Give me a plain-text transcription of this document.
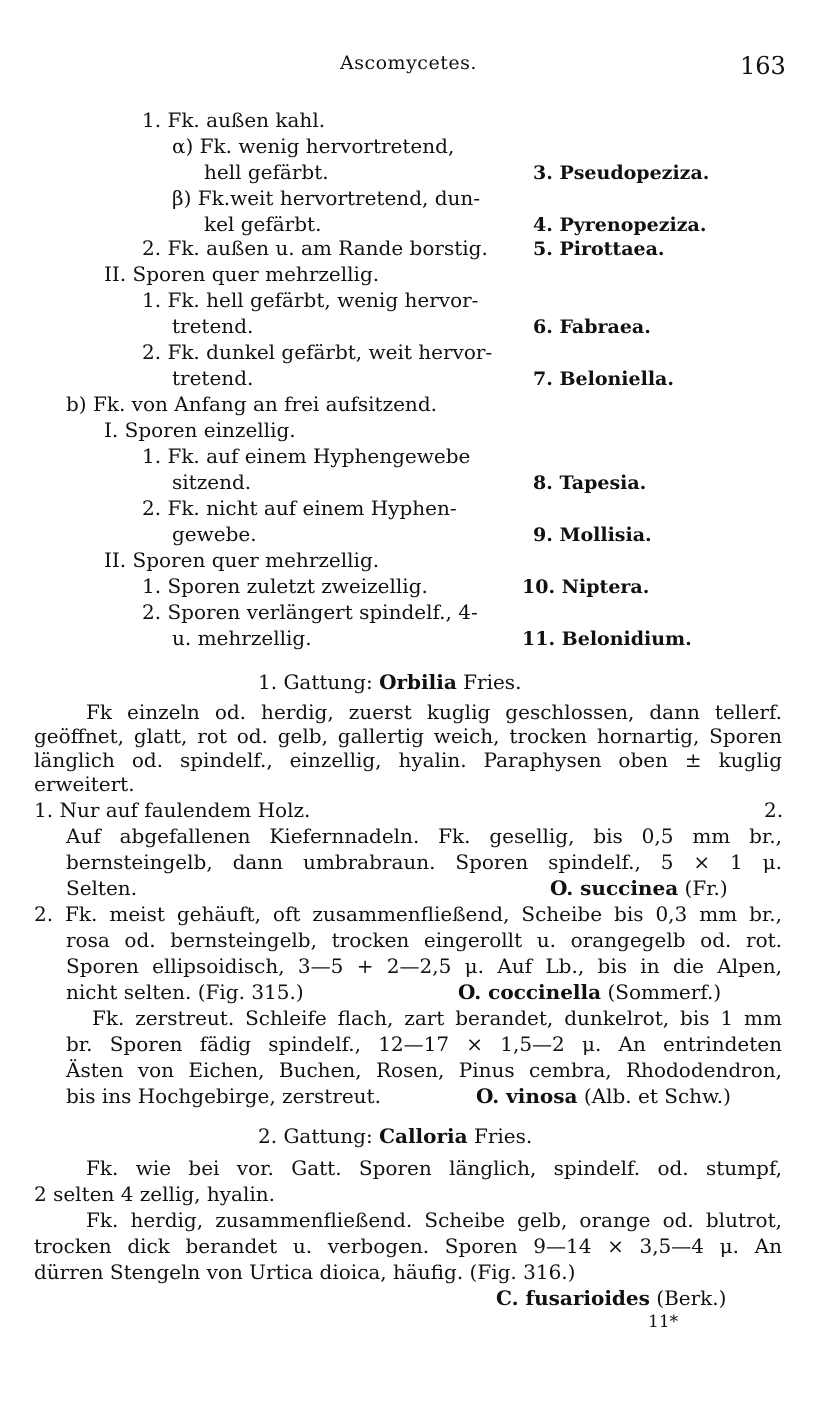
Ascomycetes.	163
1. Fk. außen kahl.
α) Fk. wenig hervortretend,
hell gefärbt.	3. Pseudopeziza.
β) Fk.weit hervortretend, dun-
kel gefärbt.	4. Pyrenopeziza.
2. Fk. außen u. am Rande borstig. 5. Pirottaea.
II. Sporen quer mehrzellig.
1. Fk. hell gefärbt, wenig hervor-
tretend.	6. Fabraea.
2. Fk. dunkel gefärbt, weit hervor-
tretend.	7. Beloniella.
b) Fk. von Anfang an frei aufsitzend.
I. Sporen einzellig.
1. Fk. auf einem Hyphengewebe
sitzend.	8. Tapesia.
2. Fk. nicht auf einem Hyphen-
gewebe.	9. Mollisia.
II. Sporen quer mehrzellig.
1. Sporen zuletzt zweizellig.	10. Niptera.
2. Sporen verlängert spindelf., 4-
u. mehrzellig.	11. Belonidium.
1. Gattung: Orbilia Fries.
Fk einzeln od. herdig, zuerst kuglig geschlossen, dann tellerf.
geöffnet, glatt, rot od. gelb, gallertig weich, trocken hornartig, Sporen
länglich od. spindelf., einzellig, hyalin. Paraphysen oben ± kuglig
erweitert.
1. Nur auf faulendem Holz.	2.
Auf abgefallenen Kiefernnadeln. Fk. gesellig, bis 0,5 mm br.,
bernsteingelb, dann umbrabraun. Sporen spindelf., 5 × 1 μ.
Selten.	O. succinea (Fr.)
2. Fk. meist gehäuft, oft zusammenfließend, Scheibe bis 0,3 mm br.,
rosa od. bernsteingelb, trocken eingerollt u. orangegelb od. rot.
Sporen ellipsoidisch, 3—5 + 2—2,5 μ. Auf Lb., bis in die Alpen,
nicht selten. (Fig. 315.)	O. coccinella (Sommerf.)
Fk. zerstreut. Schleife flach, zart berandet, dunkelrot, bis 1 mm
br. Sporen fädig spindelf., 12—17 × 1,5—2 μ. An entrindeten
Ästen von Eichen, Buchen, Rosen, Pinus cembra, Rhododendron,
bis ins Hochgebirge, zerstreut.	O. vinosa (Alb. et Schw.)
2. Gattung: Calloria Fries.
Fk. wie bei vor. Gatt. Sporen länglich, spindelf. od. stumpf,
2 selten 4 zellig, hyalin.
Fk. herdig, zusammenfließend. Scheibe gelb, orange od. blutrot,
trocken dick berandet u. verbogen. Sporen 9—14 × 3,5—4 μ. An
dürren Stengeln von Urtica dioica, häufig. (Fig. 316.)
C. fusarioides (Berk.)
11*
